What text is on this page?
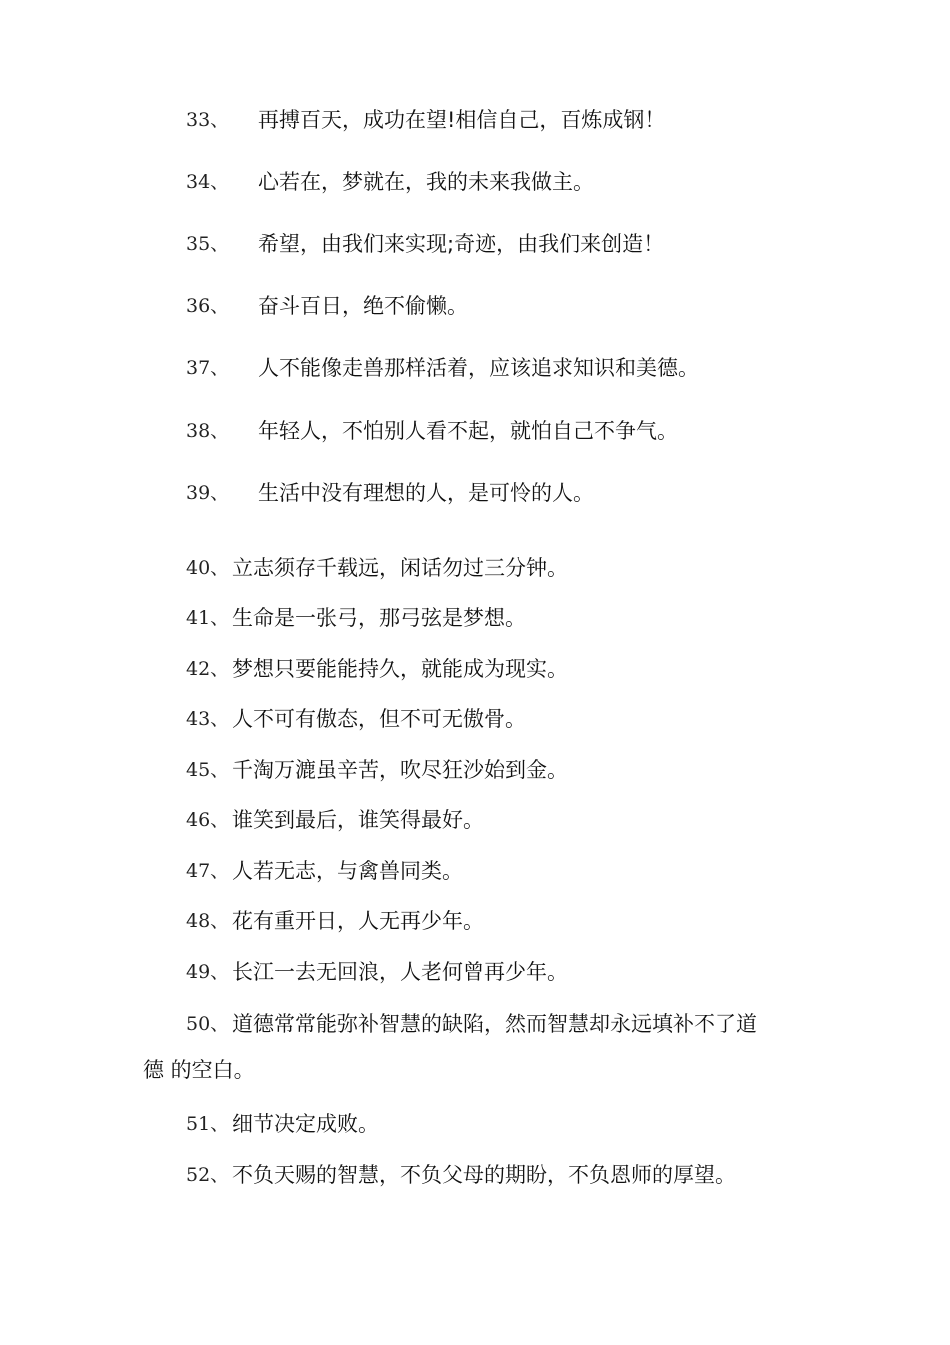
33、 再搏百天，成功在望!相信自己，百炼成钢！
34、 心若在，梦就在，我的未来我做主。
35、 希望，由我们来实现;奇迹，由我们来创造！
36、 奋斗百日，绝不偷懒。
37、 人不能像走兽那样活着，应该追求知识和美德。
38、 年轻人，不怕别人看不起，就怕自己不争气。
39、 生活中没有理想的人，是可怜的人。
40、 立志须存千载远，闲话勿过三分钟。
41、 生命是一张弓，那弓弦是梦想。
42、 梦想只要能能持久，就能成为现实。
43、 人不可有傲态，但不可无傲骨。
45、 千淘万漉虽辛苦，吹尽狂沙始到金。
46、 谁笑到最后，谁笑得最好。
47、 人若无志，与禽兽同类。
48、 花有重开日，人无再少年。
49、 长江一去无回浪，人老何曾再少年。
50、 道德常常能弥补智慧的缺陷，然而智慧却永远填补不了道
德 的空白。
51、 细节决定成败。
52、 不负天赐的智慧，不负父母的期盼，不负恩师的厚望。
